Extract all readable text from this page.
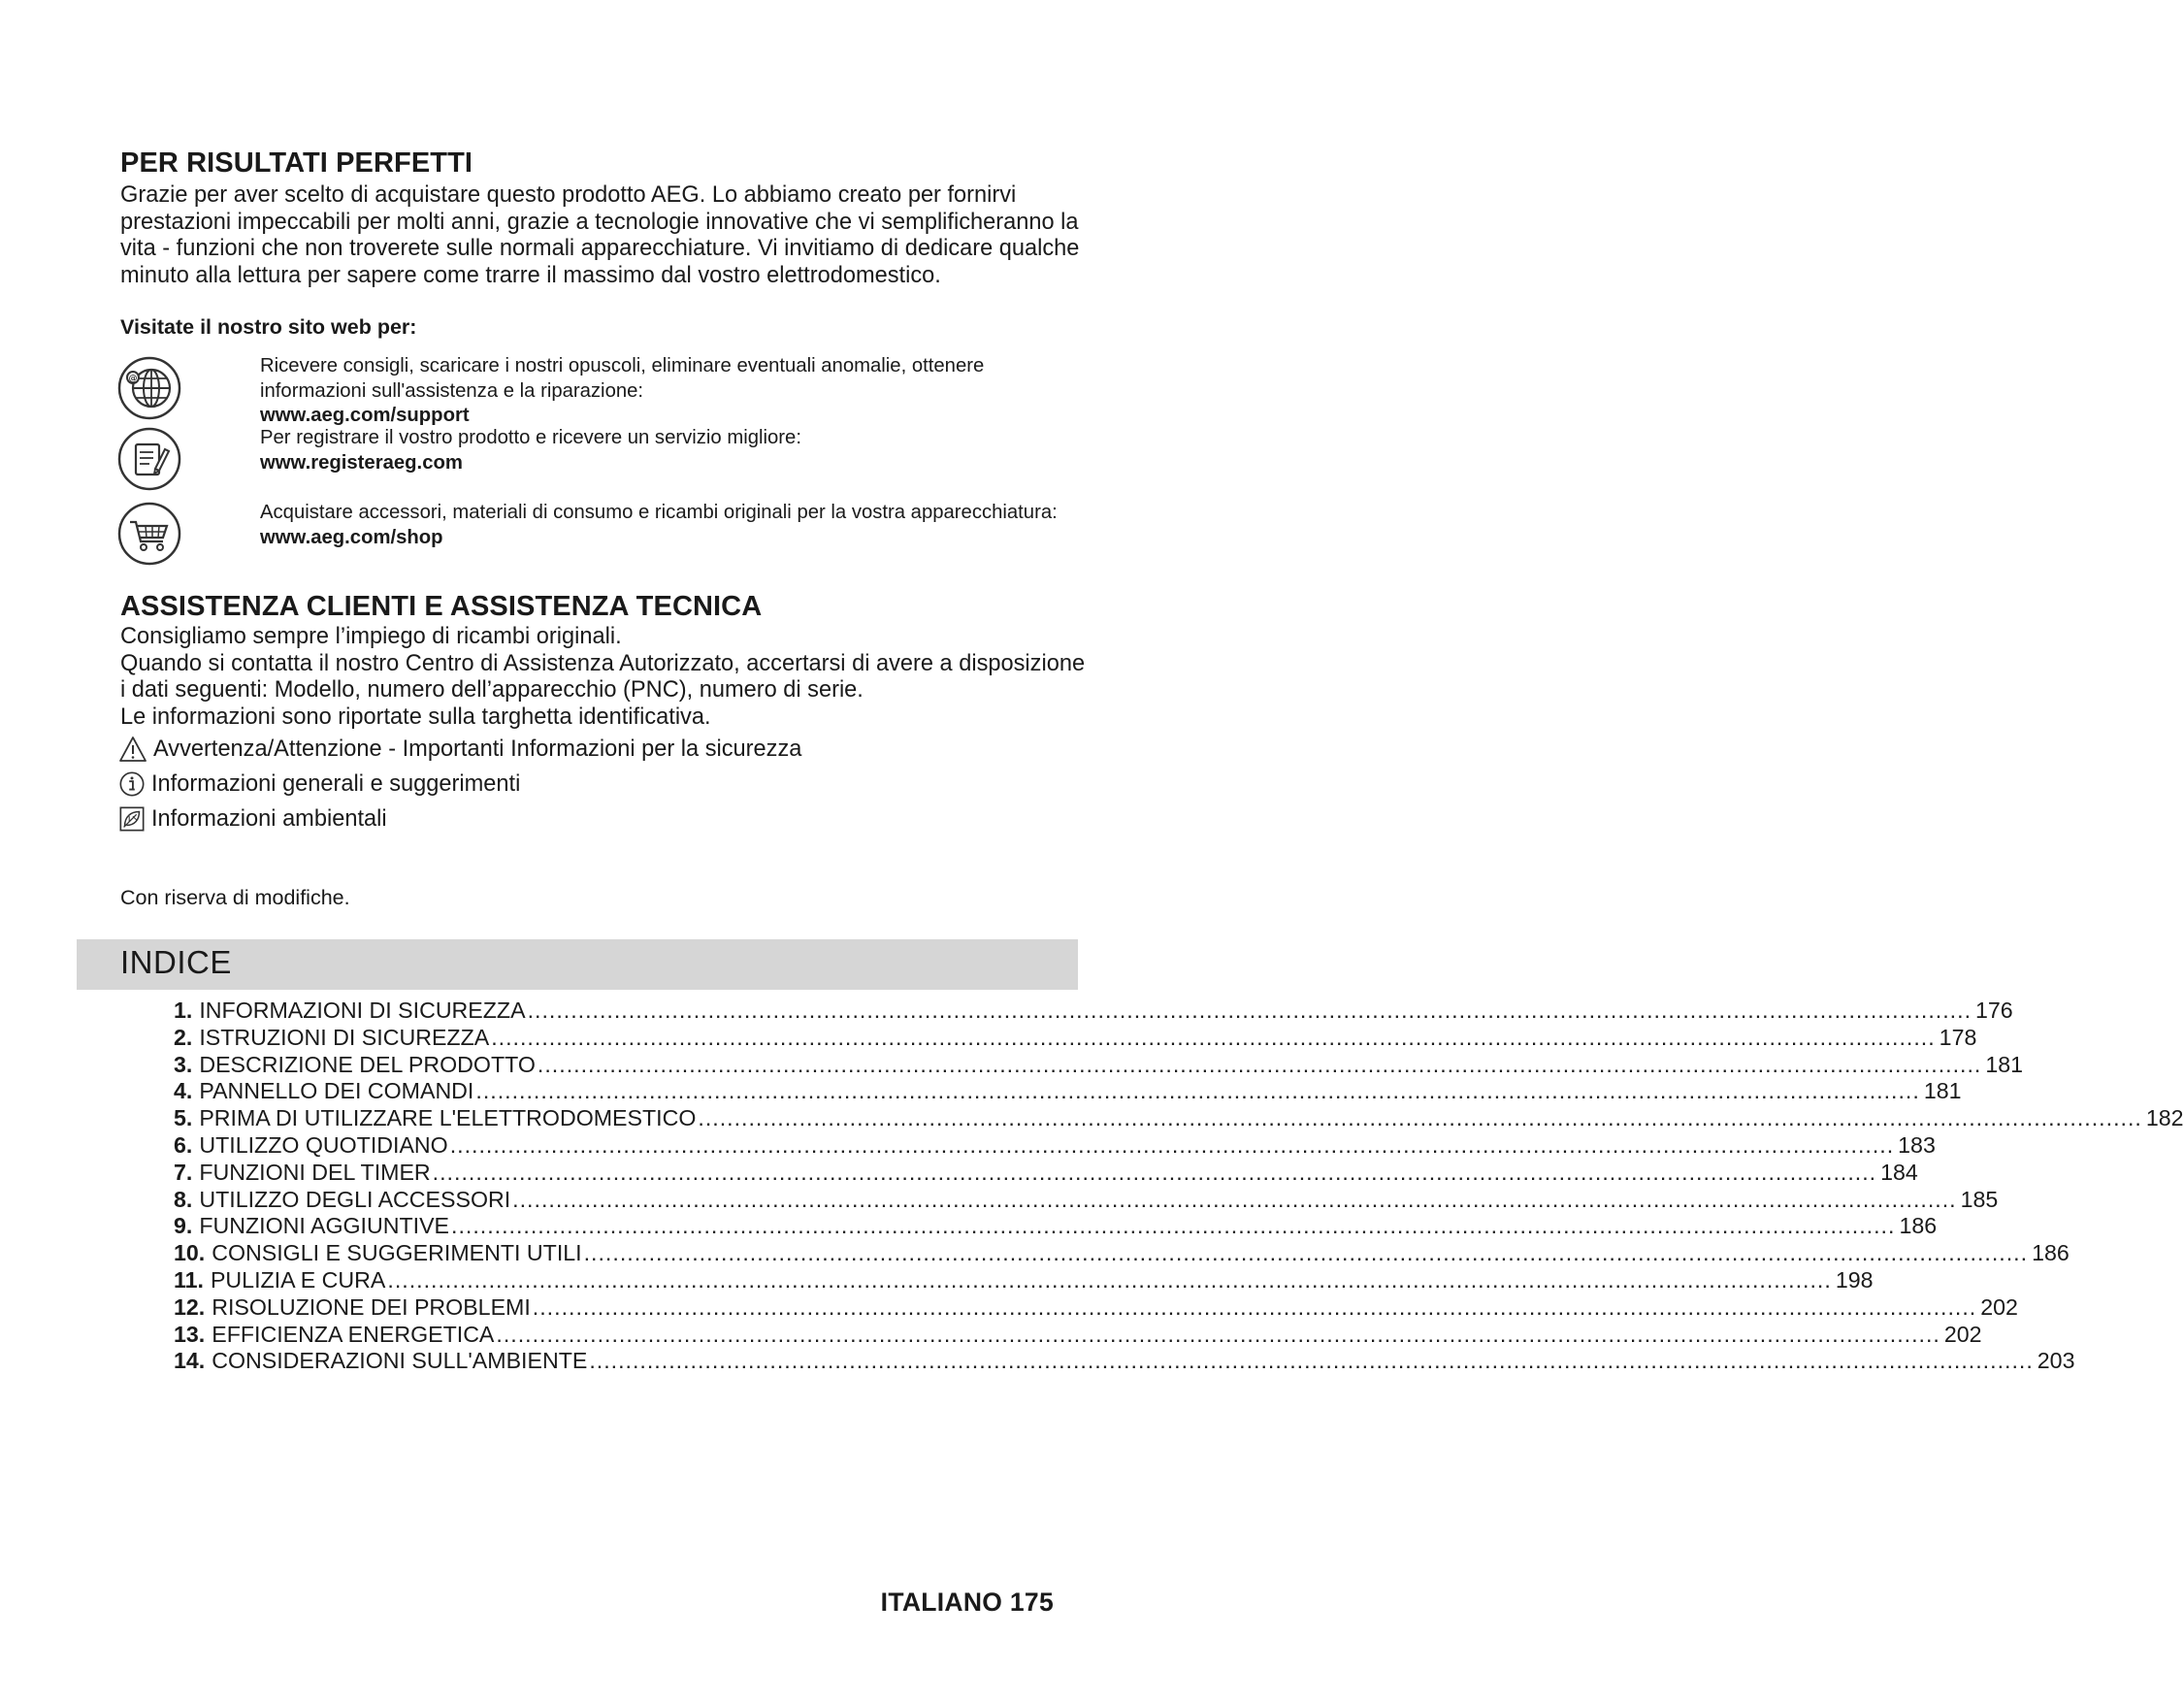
PER RISULTATI PERFETTI

Grazie per aver scelto di acquistare questo prodotto AEG. Lo abbiamo creato per fornirvi prestazioni impeccabili per molti anni, grazie a tecnologie innovative che vi semplificheranno la vita - funzioni che non troverete sulle normali apparecchiature. Vi invitiamo di dedicare qualche minuto alla lettura per sapere come trarre il massimo dal vostro elettrodomestico.

Visitate il nostro sito web per:

@
Ricevere consigli, scaricare i nostri opuscoli, eliminare eventuali anomalie, ottenere informazioni sull'assistenza e la riparazione:
www.aeg.com/support
Per registrare il vostro prodotto e ricevere un servizio migliore:
www.registeraeg.com
Acquistare accessori, materiali di consumo e ricambi originali per la vostra apparecchiatura:
www.aeg.com/shop
ASSISTENZA CLIENTI E ASSISTENZA TECNICA
Consigliamo sempre l’impiego di ricambi originali.
Quando si contatta il nostro Centro di Assistenza Autorizzato, accertarsi di avere a disposizione i dati seguenti: Modello, numero dell’apparecchio (PNC), numero di serie.
Le informazioni sono riportate sulla targhetta identificativa.
Avvertenza/Attenzione - Importanti Informazioni per la sicurezza
Informazioni generali e suggerimenti
Informazioni ambientali

Con riserva di modifiche.

INDICE
1. INFORMAZIONI DI SICUREZZA ........................................................................................................................................................................................................ 176
2. ISTRUZIONI DI SICUREZZA ........................................................................................................................................................................................................ 178
3. DESCRIZIONE DEL PRODOTTO ........................................................................................................................................................................................................ 181
4. PANNELLO DEI COMANDI ........................................................................................................................................................................................................ 181
5. PRIMA DI UTILIZZARE L'ELETTRODOMESTICO ........................................................................................................................................................................................................ 182
6. UTILIZZO QUOTIDIANO ........................................................................................................................................................................................................ 183
7. FUNZIONI DEL TIMER ........................................................................................................................................................................................................ 184
8. UTILIZZO DEGLI ACCESSORI ........................................................................................................................................................................................................ 185
9. FUNZIONI AGGIUNTIVE ........................................................................................................................................................................................................ 186
10. CONSIGLI E SUGGERIMENTI UTILI ........................................................................................................................................................................................................ 186
11. PULIZIA E CURA ........................................................................................................................................................................................................ 198
12. RISOLUZIONE DEI PROBLEMI ........................................................................................................................................................................................................ 202
13. EFFICIENZA ENERGETICA ........................................................................................................................................................................................................ 202
14. CONSIDERAZIONI SULL'AMBIENTE ........................................................................................................................................................................................................ 203

ITALIANO 175
